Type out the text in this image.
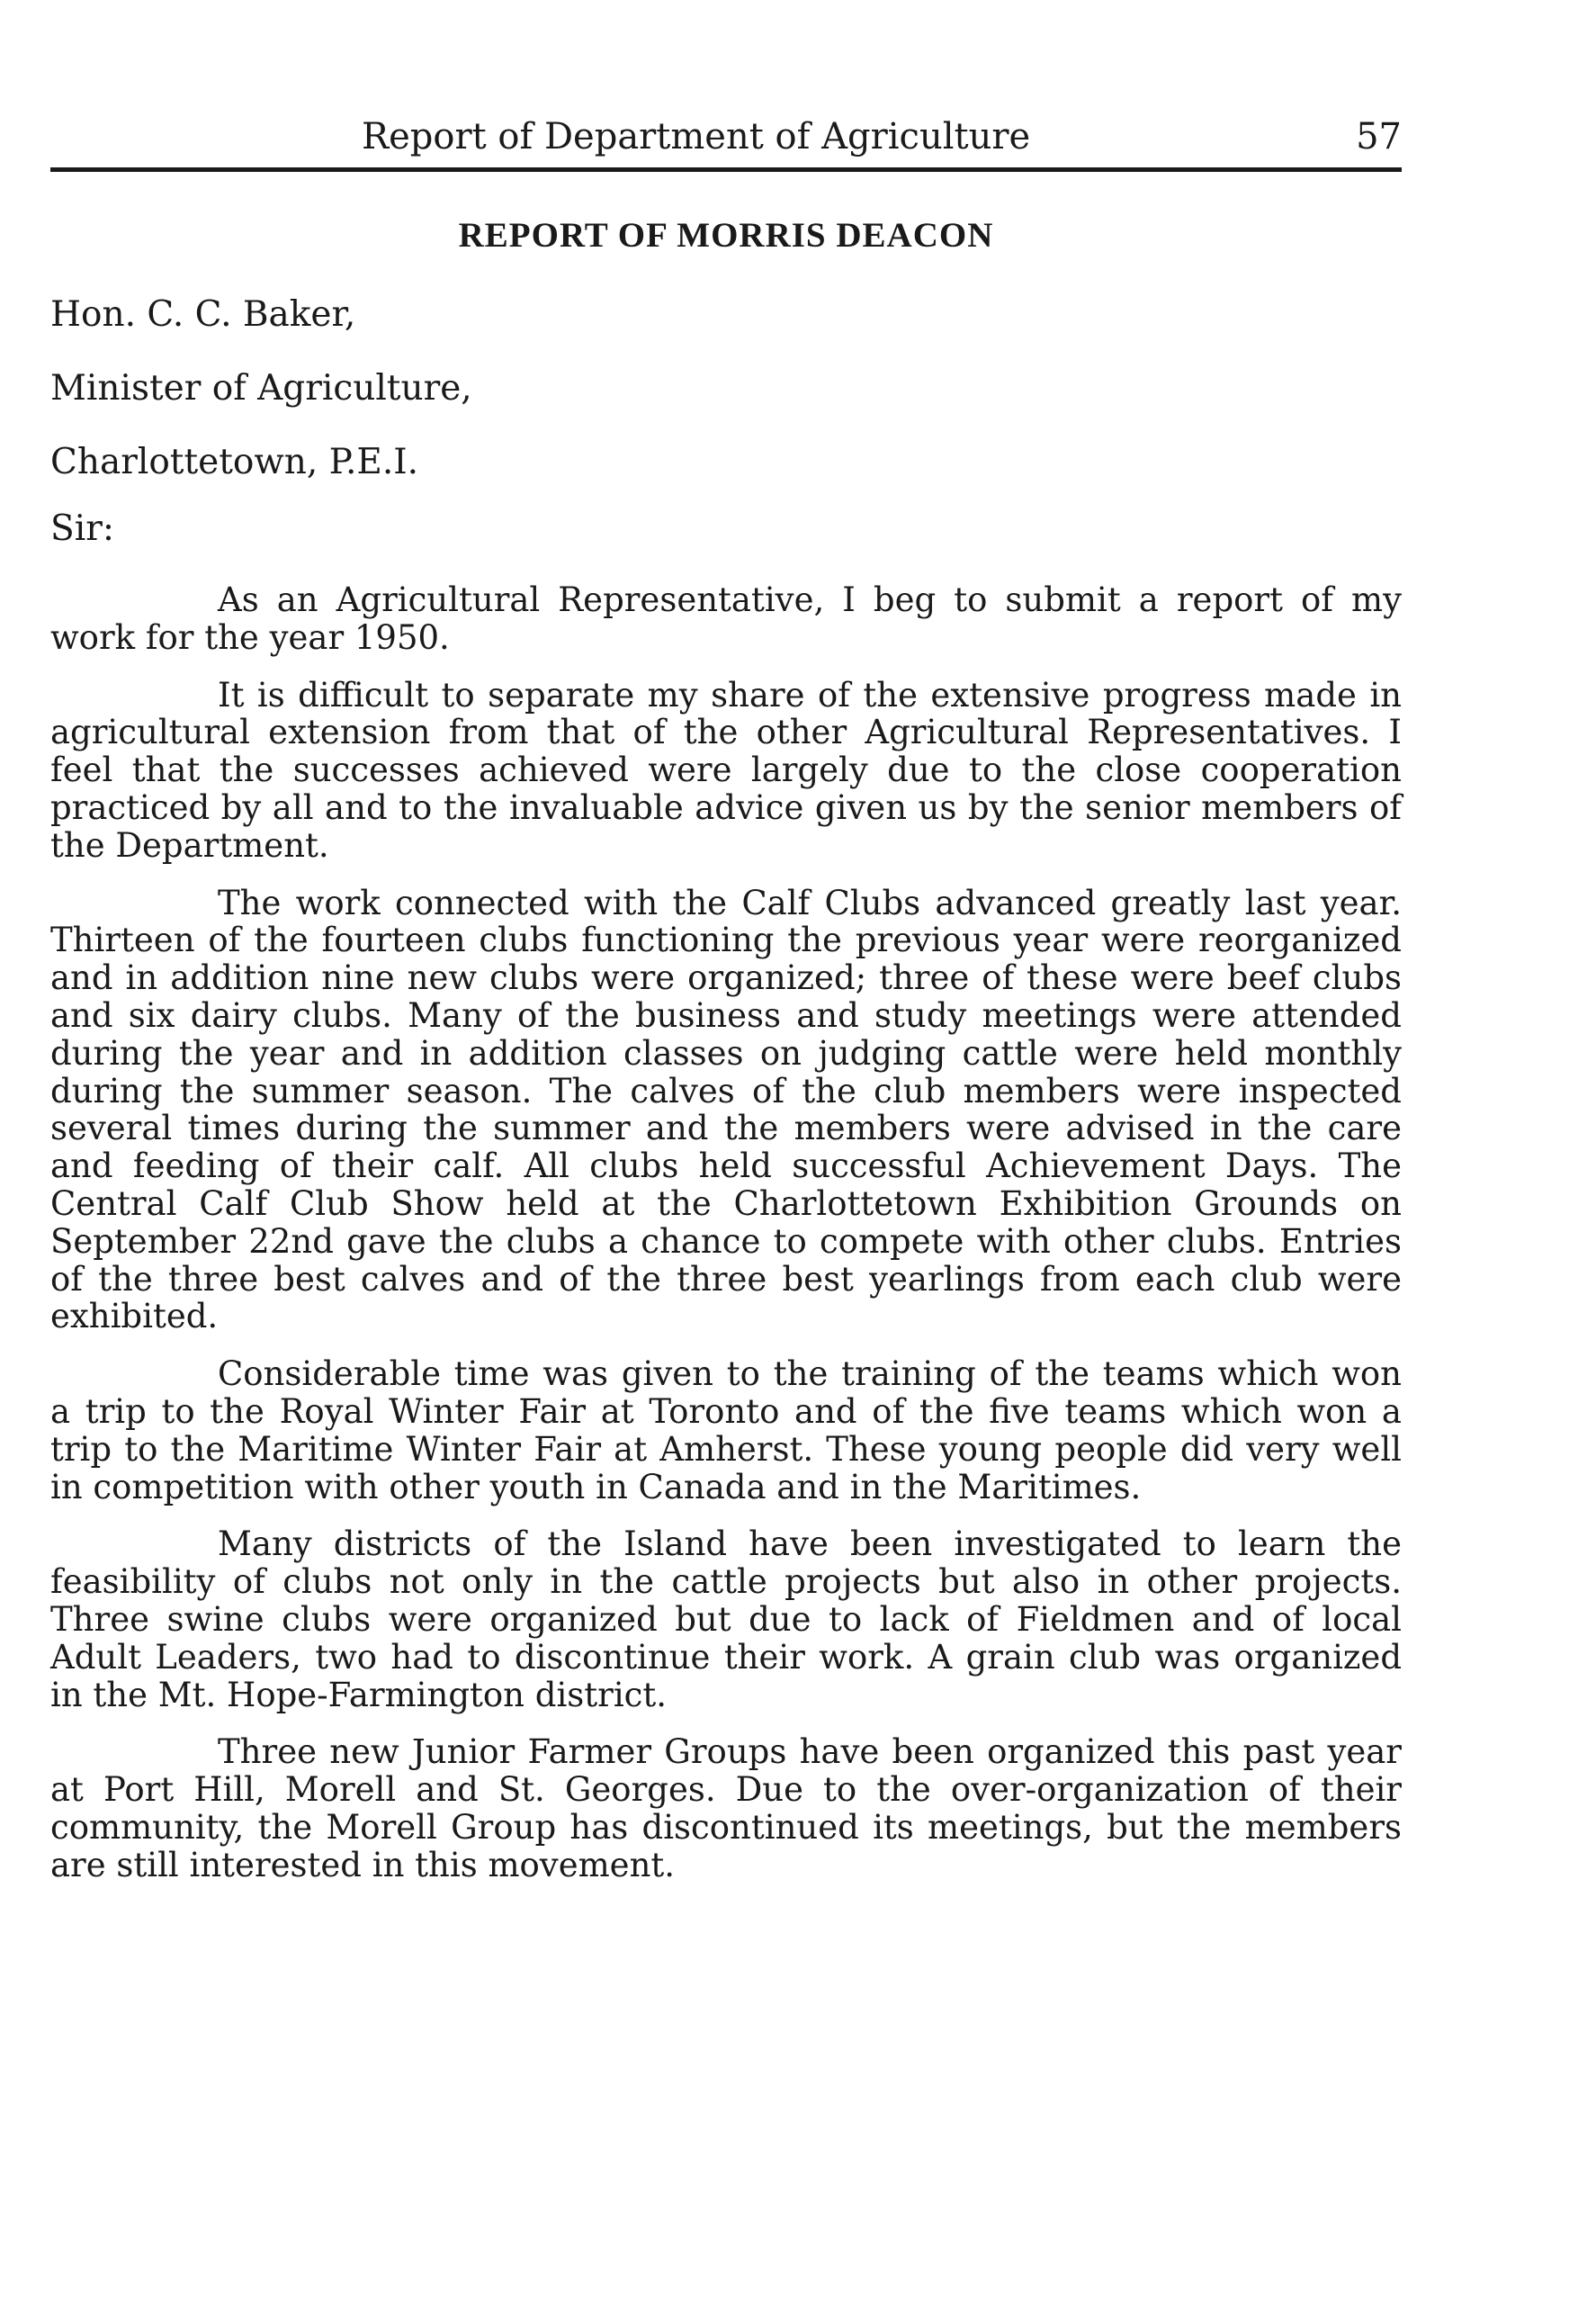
Report of Department of Agriculture	57
REPORT OF MORRIS DEACON
Hon. C. C. Baker,
Minister of Agriculture,
Charlottetown, P.E.I.
Sir:

As an Agricultural Representative, I beg to submit a report of my work for the year 1950.

It is difficult to separate my share of the extensive progress made in agricultural extension from that of the other Agricultural Representatives. I feel that the successes achieved were largely due to the close cooperation practiced by all and to the invaluable advice given us by the senior members of the Department.

The work connected with the Calf Clubs advanced greatly last year. Thirteen of the fourteen clubs functioning the previous year were reorganized and in addition nine new clubs were organized; three of these were beef clubs and six dairy clubs. Many of the business and study meetings were attended during the year and in addition classes on judging cattle were held monthly during the summer season. The calves of the club members were inspected several times during the summer and the members were advised in the care and feeding of their calf. All clubs held successful Achievement Days. The Central Calf Club Show held at the Charlottetown Exhibition Grounds on September 22nd gave the clubs a chance to compete with other clubs. Entries of the three best calves and of the three best yearlings from each club were exhibited.

Considerable time was given to the training of the teams which won a trip to the Royal Winter Fair at Toronto and of the five teams which won a trip to the Maritime Winter Fair at Amherst. These young people did very well in competition with other youth in Canada and in the Maritimes.

Many districts of the Island have been investigated to learn the feasibility of clubs not only in the cattle projects but also in other projects. Three swine clubs were organized but due to lack of Fieldmen and of local Adult Leaders, two had to discontinue their work. A grain club was organized in the Mt. Hope-Farmington district.

Three new Junior Farmer Groups have been organized this past year at Port Hill, Morell and St. Georges. Due to the over-organization of their community, the Morell Group has discontinued its meetings, but the members are still interested in this movement.
